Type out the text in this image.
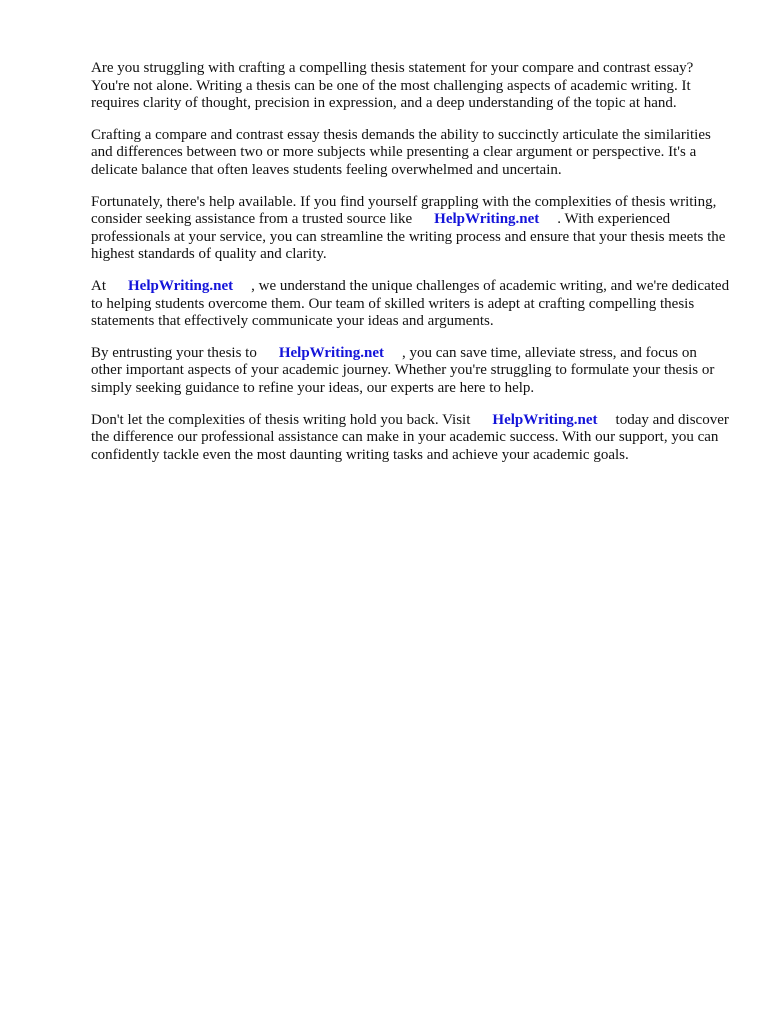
Are you struggling with crafting a compelling thesis statement for your compare and contrast essay? You're not alone. Writing a thesis can be one of the most challenging aspects of academic writing. It requires clarity of thought, precision in expression, and a deep understanding of the topic at hand.

Crafting a compare and contrast essay thesis demands the ability to succinctly articulate the similarities and differences between two or more subjects while presenting a clear argument or perspective. It's a delicate balance that often leaves students feeling overwhelmed and uncertain.

Fortunately, there's help available. If you find yourself grappling with the complexities of thesis writing, consider seeking assistance from a trusted source like HelpWriting.net . With experienced professionals at your service, you can streamline the writing process and ensure that your thesis meets the highest standards of quality and clarity.

At HelpWriting.net , we understand the unique challenges of academic writing, and we're dedicated to helping students overcome them. Our team of skilled writers is adept at crafting compelling thesis statements that effectively communicate your ideas and arguments.

By entrusting your thesis to HelpWriting.net , you can save time, alleviate stress, and focus on other important aspects of your academic journey. Whether you're struggling to formulate your thesis or simply seeking guidance to refine your ideas, our experts are here to help.

Don't let the complexities of thesis writing hold you back. Visit HelpWriting.net today and discover the difference our professional assistance can make in your academic success. With our support, you can confidently tackle even the most daunting writing tasks and achieve your academic goals.
